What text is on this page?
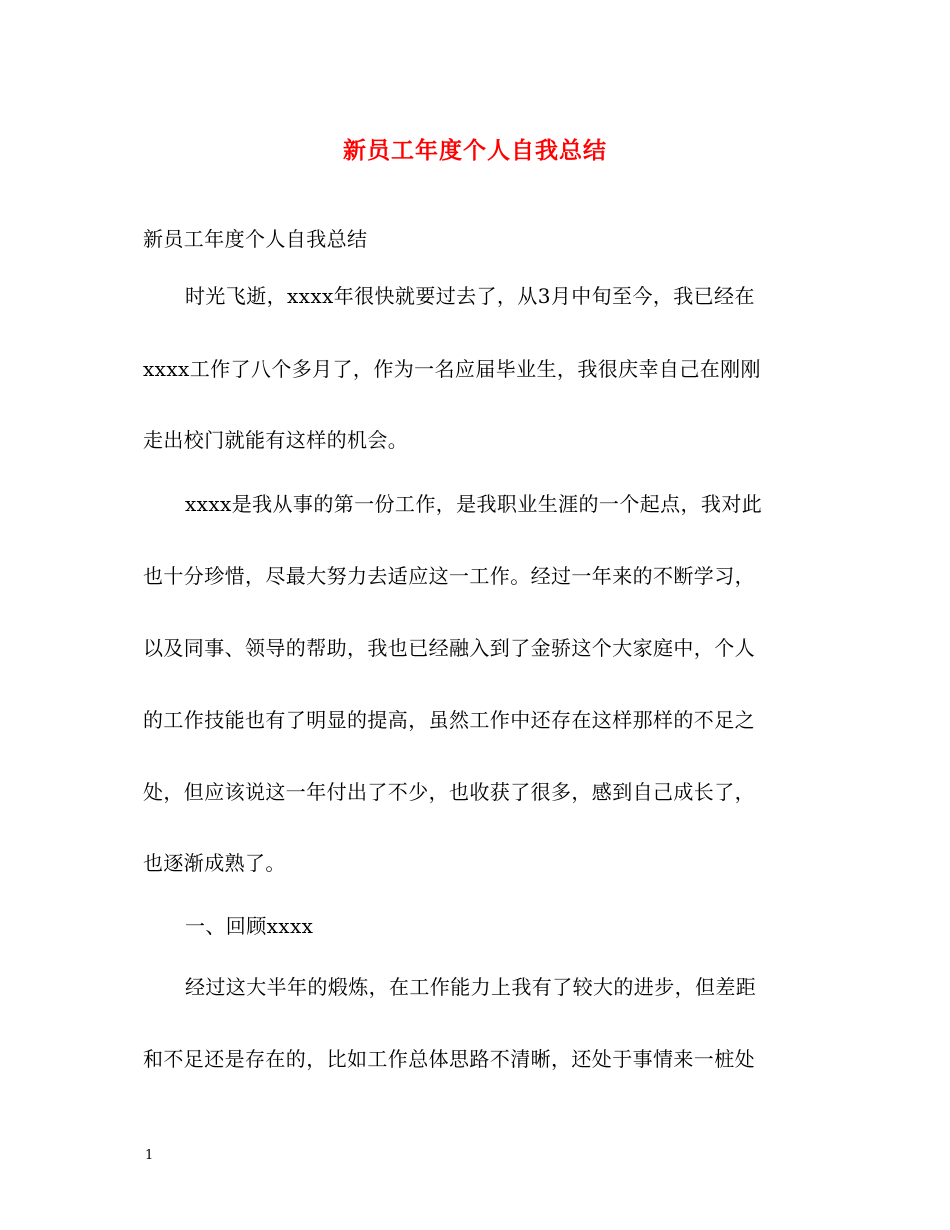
新员工年度个人自我总结
新员工年度个人自我总结
时光飞逝，xxxx年很快就要过去了，从3月中旬至今，我已经在
xxxx工作了八个多月了，作为一名应届毕业生，我很庆幸自己在刚刚
走出校门就能有这样的机会。
xxxx是我从事的第一份工作，是我职业生涯的一个起点，我对此
也十分珍惜，尽最大努力去适应这一工作。经过一年来的不断学习，
以及同事、领导的帮助，我也已经融入到了金骄这个大家庭中，个人
的工作技能也有了明显的提高，虽然工作中还存在这样那样的不足之
处，但应该说这一年付出了不少，也收获了很多，感到自己成长了，
也逐渐成熟了。
一、回顾xxxx
经过这大半年的煅炼，在工作能力上我有了较大的进步，但差距
和不足还是存在的，比如工作总体思路不清晰，还处于事情来一桩处
1
